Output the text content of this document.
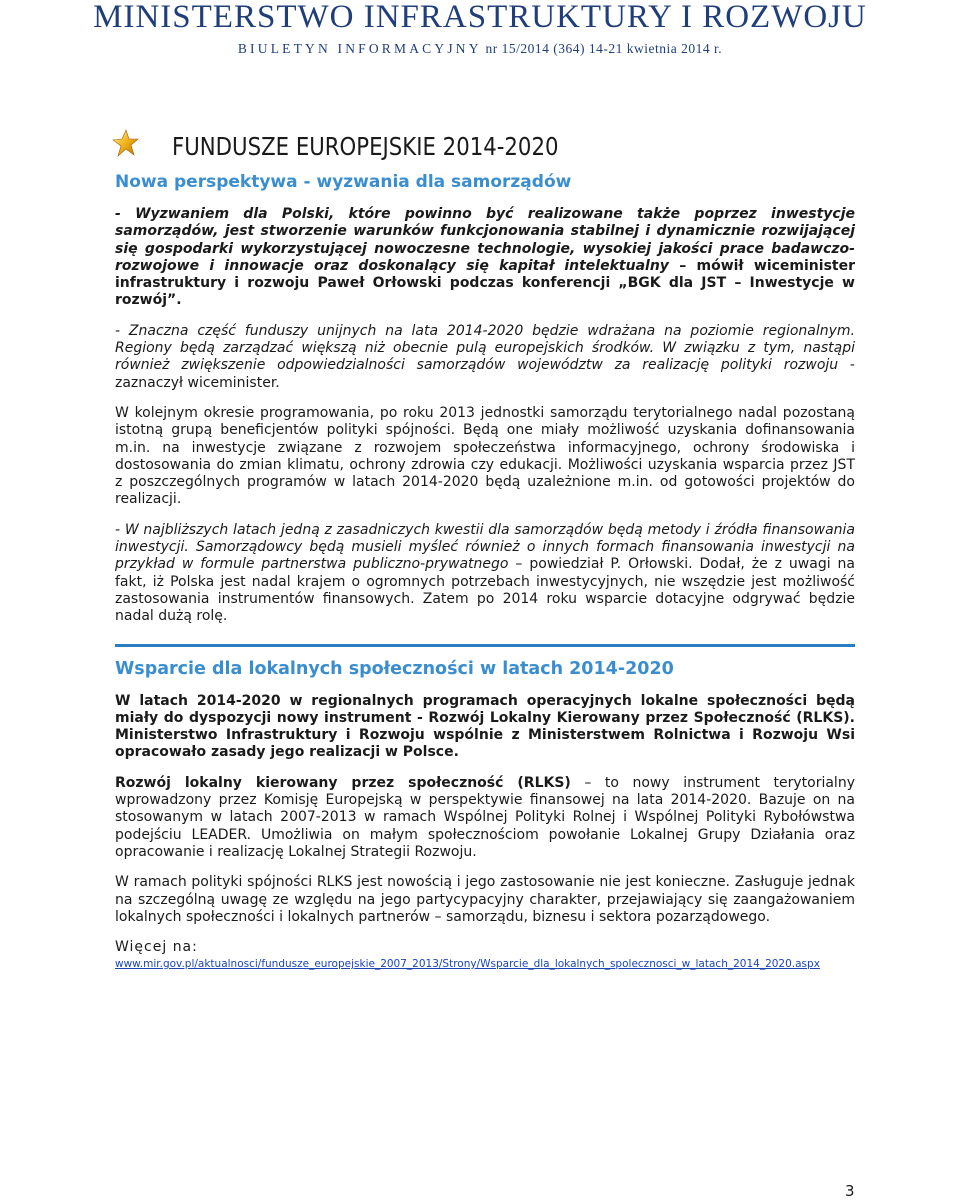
MINISTERSTWO INFRASTRUKTURY I ROZWOJU
BIULETYN INFORMACYJNY nr 15/2014 (364) 14-21 kwietnia 2014 r.
FUNDUSZE EUROPEJSKIE 2014-2020
Nowa perspektywa - wyzwania dla samorządów

- Wyzwaniem dla Polski, które powinno być realizowane także poprzez inwestycje samorządów, jest stworzenie warunków funkcjonowania stabilnej i dynamicznie rozwijającej się gospodarki wykorzystującej nowoczesne technologie, wysokiej jakości prace badawczo-rozwojowe i innowacje oraz doskonalący się kapitał intelektualny – mówił wiceminister infrastruktury i rozwoju Paweł Orłowski podczas konferencji „BGK dla JST – Inwestycje w rozwój”.

- Znaczna część funduszy unijnych na lata 2014-2020 będzie wdrażana na poziomie regionalnym. Regiony będą zarządzać większą niż obecnie pulą europejskich środków. W związku z tym, nastąpi również zwiększenie odpowiedzialności samorządów województw za realizację polityki rozwoju - zaznaczył wiceminister.

W kolejnym okresie programowania, po roku 2013 jednostki samorządu terytorialnego nadal pozostaną istotną grupą beneficjentów polityki spójności. Będą one miały możliwość uzyskania dofinansowania m.in. na inwestycje związane z rozwojem społeczeństwa informacyjnego, ochrony środowiska i dostosowania do zmian klimatu, ochrony zdrowia czy edukacji. Możliwości uzyskania wsparcia przez JST z poszczególnych programów w latach 2014-2020 będą uzależnione m.in. od gotowości projektów do realizacji.

- W najbliższych latach jedną z zasadniczych kwestii dla samorządów będą metody i źródła finansowania inwestycji. Samorządowcy będą musieli myśleć również o innych formach finansowania inwestycji na przykład w formule partnerstwa publiczno-prywatnego – powiedział P. Orłowski. Dodał, że z uwagi na fakt, iż Polska jest nadal krajem o ogromnych potrzebach inwestycyjnych, nie wszędzie jest możliwość zastosowania instrumentów finansowych. Zatem po 2014 roku wsparcie dotacyjne odgrywać będzie nadal dużą rolę.

Wsparcie dla lokalnych społeczności w latach 2014-2020

W latach 2014-2020 w regionalnych programach operacyjnych lokalne społeczności będą miały do dyspozycji nowy instrument - Rozwój Lokalny Kierowany przez Społeczność (RLKS). Ministerstwo Infrastruktury i Rozwoju wspólnie z Ministerstwem Rolnictwa i Rozwoju Wsi opracowało zasady jego realizacji w Polsce.

Rozwój lokalny kierowany przez społeczność (RLKS) – to nowy instrument terytorialny wprowadzony przez Komisję Europejską w perspektywie finansowej na lata 2014-2020. Bazuje on na stosowanym w latach 2007-2013 w ramach Wspólnej Polityki Rolnej i Wspólnej Polityki Rybołówstwa podejściu LEADER. Umożliwia on małym społecznościom powołanie Lokalnej Grupy Działania oraz opracowanie i realizację Lokalnej Strategii Rozwoju.

W ramach polityki spójności RLKS jest nowością i jego zastosowanie nie jest konieczne. Zasługuje jednak na szczególną uwagę ze względu na jego partycypacyjny charakter, przejawiający się zaangażowaniem lokalnych społeczności i lokalnych partnerów – samorządu, biznesu i sektora pozarządowego.

Więcej na:
www.mir.gov.pl/aktualnosci/fundusze_europejskie_2007_2013/Strony/Wsparcie_dla_lokalnych_spolecznosci_w_latach_2014_2020.aspx
3
